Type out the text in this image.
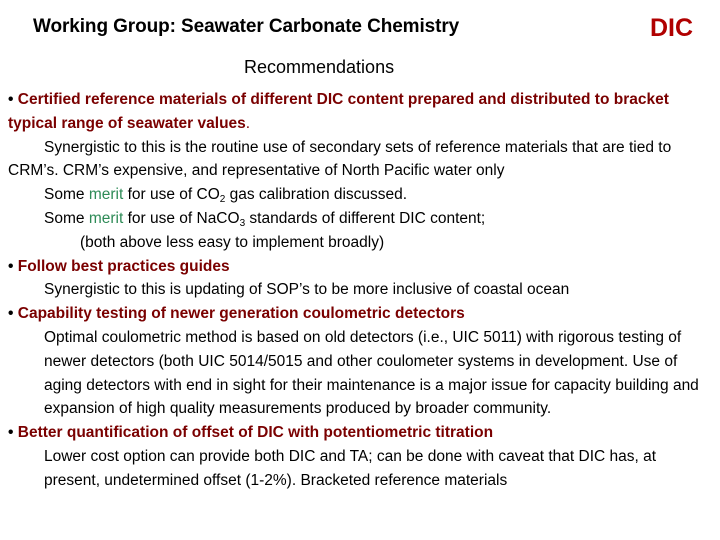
Working Group: Seawater Carbonate Chemistry	DIC
Recommendations

• Certified reference materials of different DIC content prepared and distributed to bracket typical range of seawater values.

Synergistic to this is the routine use of secondary sets of reference materials that are tied to CRM’s. CRM’s expensive, and representative of North Pacific water only

Some merit for use of $CO_2$ gas calibration discussed.

Some merit for use of NaCO$_3$ standards of different DIC content;

(both above less easy to implement broadly)

• Follow best practices guides

Synergistic to this is updating of SOP’s to be more inclusive of coastal ocean

• Capability testing of newer generation coulometric detectors

Optimal coulometric method is based on old detectors (i.e., UIC 5011) with rigorous testing of newer detectors (both UIC 5014/5015 and other coulometer systems in development. Use of aging detectors with end in sight for their maintenance is a major issue for capacity building and expansion of high quality measurements produced by broader community.

• Better quantification of offset of DIC with potentiometric titration

Lower cost option can provide both DIC and TA; can be done with caveat that DIC has, at present, undetermined offset (1-2%). Bracketed reference materials
